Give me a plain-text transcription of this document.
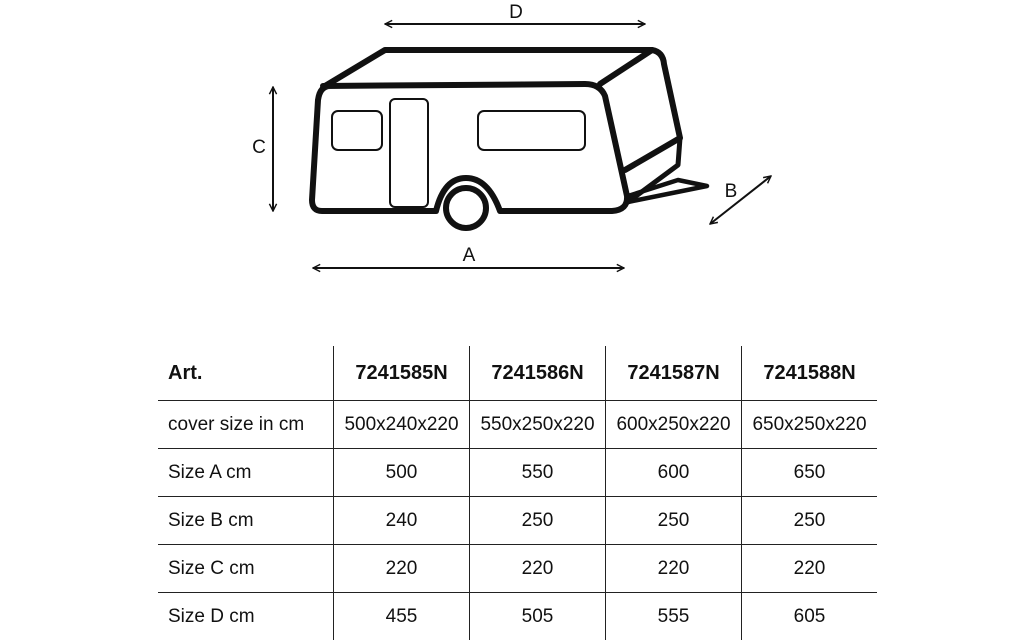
D
C
A
B
Art.	7241585N	7241586N	7241587N	7241588N
cover size in cm	500x240x220	550x250x220	600x250x220	650x250x220
Size A cm	500	550	600	650
Size B cm	240	250	250	250
Size C cm	220	220	220	220
Size D cm	455	505	555	605
